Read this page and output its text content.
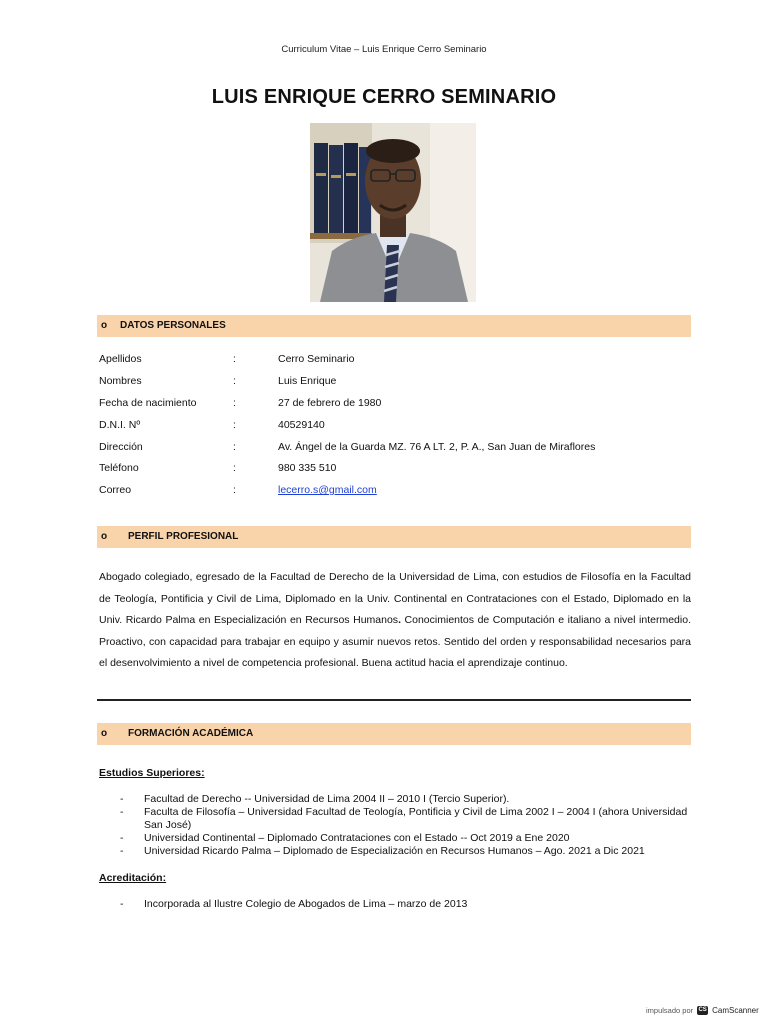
Curriculum Vitae – Luis Enrique Cerro Seminario
LUIS ENRIQUE CERRO SEMINARIO
o DATOS PERSONALES
Apellidos	:	Cerro Seminario
Nombres	:	Luis Enrique
Fecha de nacimiento	:	27 de febrero de 1980
D.N.I. Nº	:	40529140
Dirección	:	Av. Ángel de la Guarda MZ. 76 A LT. 2, P. A., San Juan de Miraflores
Teléfono	:	980 335 510
Correo	:	lecerro.s@gmail.com
o PERFIL PROFESIONAL
Abogado colegiado, egresado de la Facultad de Derecho de la Universidad de Lima, con estudios de Filosofía en la Facultad de Teología, Pontificia y Civil de Lima, Diplomado en la Univ. Continental en Contrataciones con el Estado, Diplomado en la Univ. Ricardo Palma en Especialización en Recursos Humanos. Conocimientos de Computación e italiano a nivel intermedio. Proactivo, con capacidad para trabajar en equipo y asumir nuevos retos. Sentido del orden y responsabilidad necesarios para el desenvolvimiento a nivel de competencia profesional. Buena actitud hacia el aprendizaje continuo.
o FORMACIÓN ACADÉMICA
Estudios Superiores:
- Facultad de Derecho -- Universidad de Lima 2004 II – 2010 I (Tercio Superior).
- Faculta de Filosofía – Universidad Facultad de Teología, Pontificia y Civil de Lima 2002 I – 2004 I (ahora Universidad San José)
- Universidad Continental – Diplomado Contrataciones con el Estado -- Oct 2019 a Ene 2020
- Universidad Ricardo Palma – Diplomado de Especialización en Recursos Humanos – Ago. 2021 a Dic 2021
Acreditación:
- Incorporada al Ilustre Colegio de Abogados de Lima – marzo de 2013
impulsado por CS CamScanner
